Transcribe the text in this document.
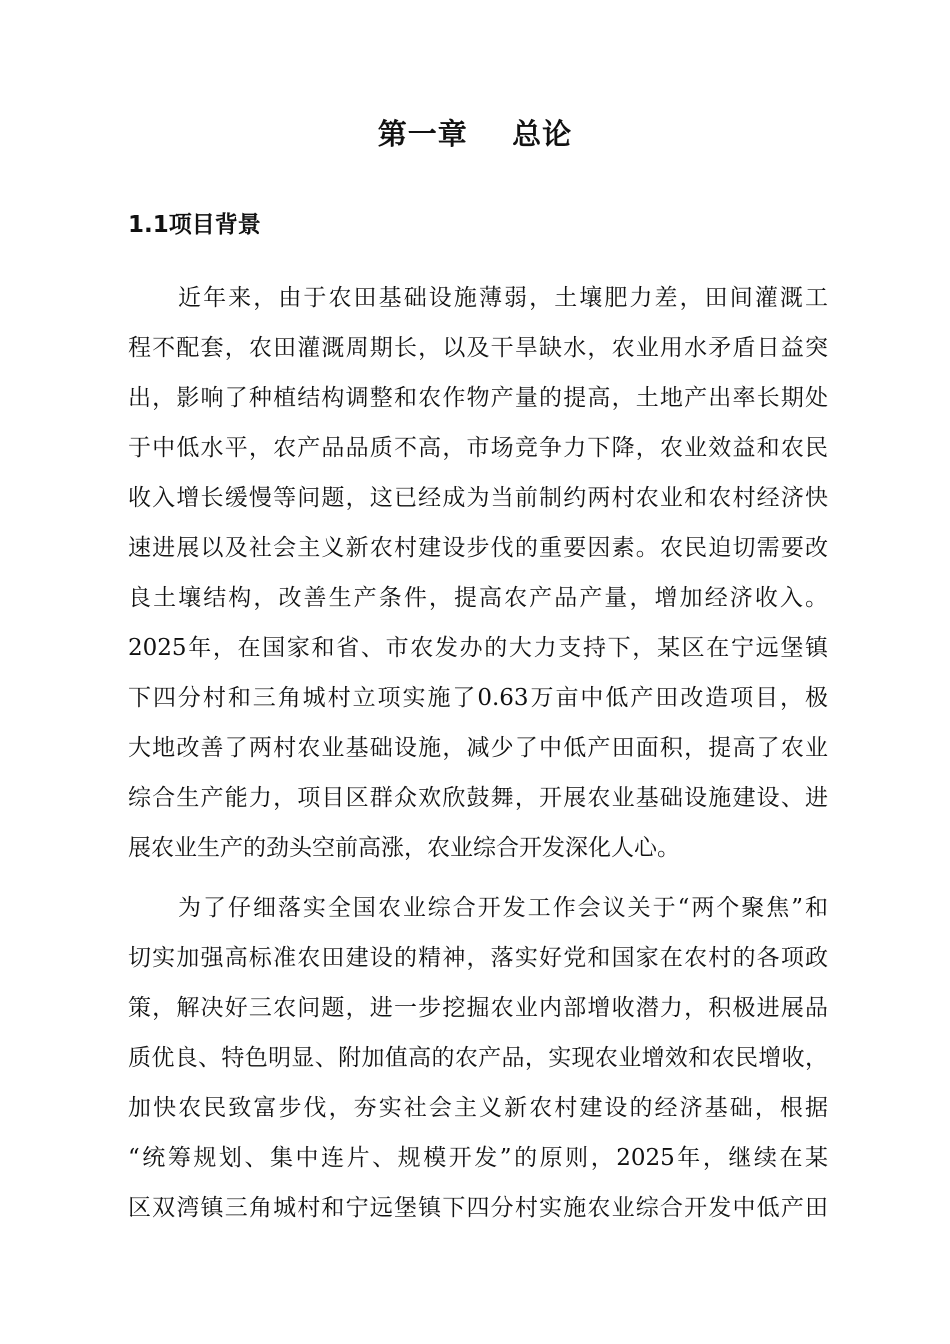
第一章    总论
1.1项目背景
近年来，由于农田基础设施薄弱，土壤肥力差，田间灌溉工
程不配套，农田灌溉周期长，以及干旱缺水，农业用水矛盾日益突
出，影响了种植结构调整和农作物产量的提高，土地产出率长期处
于中低水平，农产品品质不高，市场竞争力下降，农业效益和农民
收入增长缓慢等问题，这已经成为当前制约两村农业和农村经济快
速进展以及社会主义新农村建设步伐的重要因素。农民迫切需要改
良土壤结构，改善生产条件，提高农产品产量，增加经济收入。
2025年，在国家和省、市农发办的大力支持下，某区在宁远堡镇
下四分村和三角城村立项实施了0.63万亩中低产田改造项目，极
大地改善了两村农业基础设施，减少了中低产田面积，提高了农业
综合生产能力，项目区群众欢欣鼓舞，开展农业基础设施建设、进
展农业生产的劲头空前高涨，农业综合开发深化人心。
为了仔细落实全国农业综合开发工作会议关于“两个聚焦”和
切实加强高标准农田建设的精神，落实好党和国家在农村的各项政
策，解决好三农问题，进一步挖掘农业内部增收潜力，积极进展品
质优良、特色明显、附加值高的农产品，实现农业增效和农民增收，
加快农民致富步伐，夯实社会主义新农村建设的经济基础，根据
“统筹规划、集中连片、规模开发”的原则，2025年，继续在某
区双湾镇三角城村和宁远堡镇下四分村实施农业综合开发中低产田
